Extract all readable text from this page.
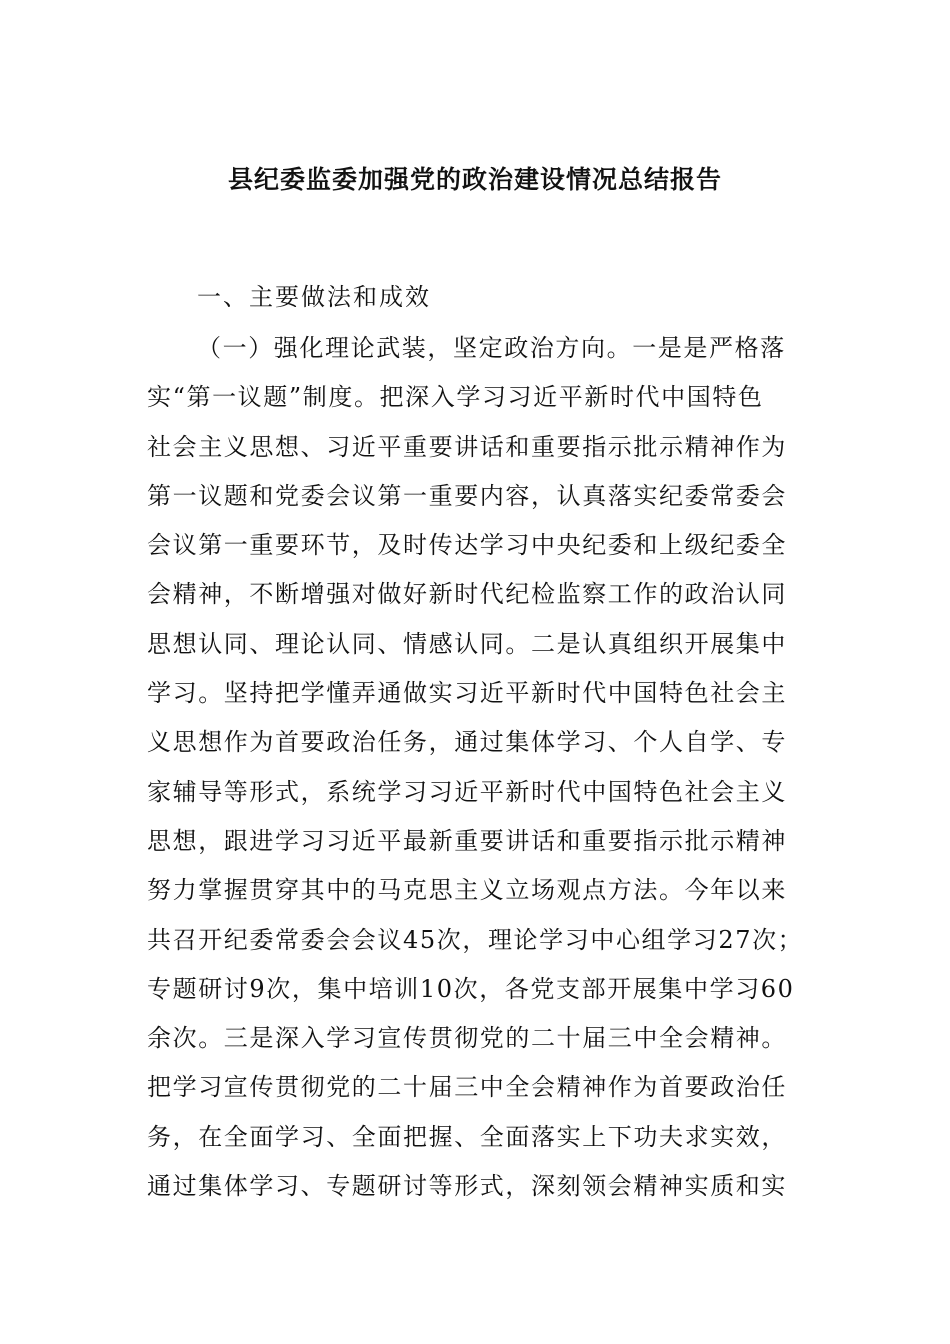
县纪委监委加强党的政治建设情况总结报告

一、主要做法和成效

（一）强化理论武装，坚定政治方向。一是是严格落
实“第一议题”制度。把深入学习习近平新时代中国特色
社会主义思想、习近平重要讲话和重要指示批示精神作为
第一议题和党委会议第一重要内容，认真落实纪委常委会
会议第一重要环节，及时传达学习中央纪委和上级纪委全
会精神，不断增强对做好新时代纪检监察工作的政治认同
思想认同、理论认同、情感认同。二是认真组织开展集中
学习。坚持把学懂弄通做实习近平新时代中国特色社会主
义思想作为首要政治任务，通过集体学习、个人自学、专
家辅导等形式，系统学习习近平新时代中国特色社会主义
思想，跟进学习习近平最新重要讲话和重要指示批示精神
努力掌握贯穿其中的马克思主义立场观点方法。今年以来
共召开纪委常委会会议45次，理论学习中心组学习27次；
专题研讨9次，集中培训10次，各党支部开展集中学习60
余次。三是深入学习宣传贯彻党的二十届三中全会精神。
把学习宣传贯彻党的二十届三中全会精神作为首要政治任
务，在全面学习、全面把握、全面落实上下功夫求实效，
通过集体学习、专题研讨等形式，深刻领会精神实质和实
